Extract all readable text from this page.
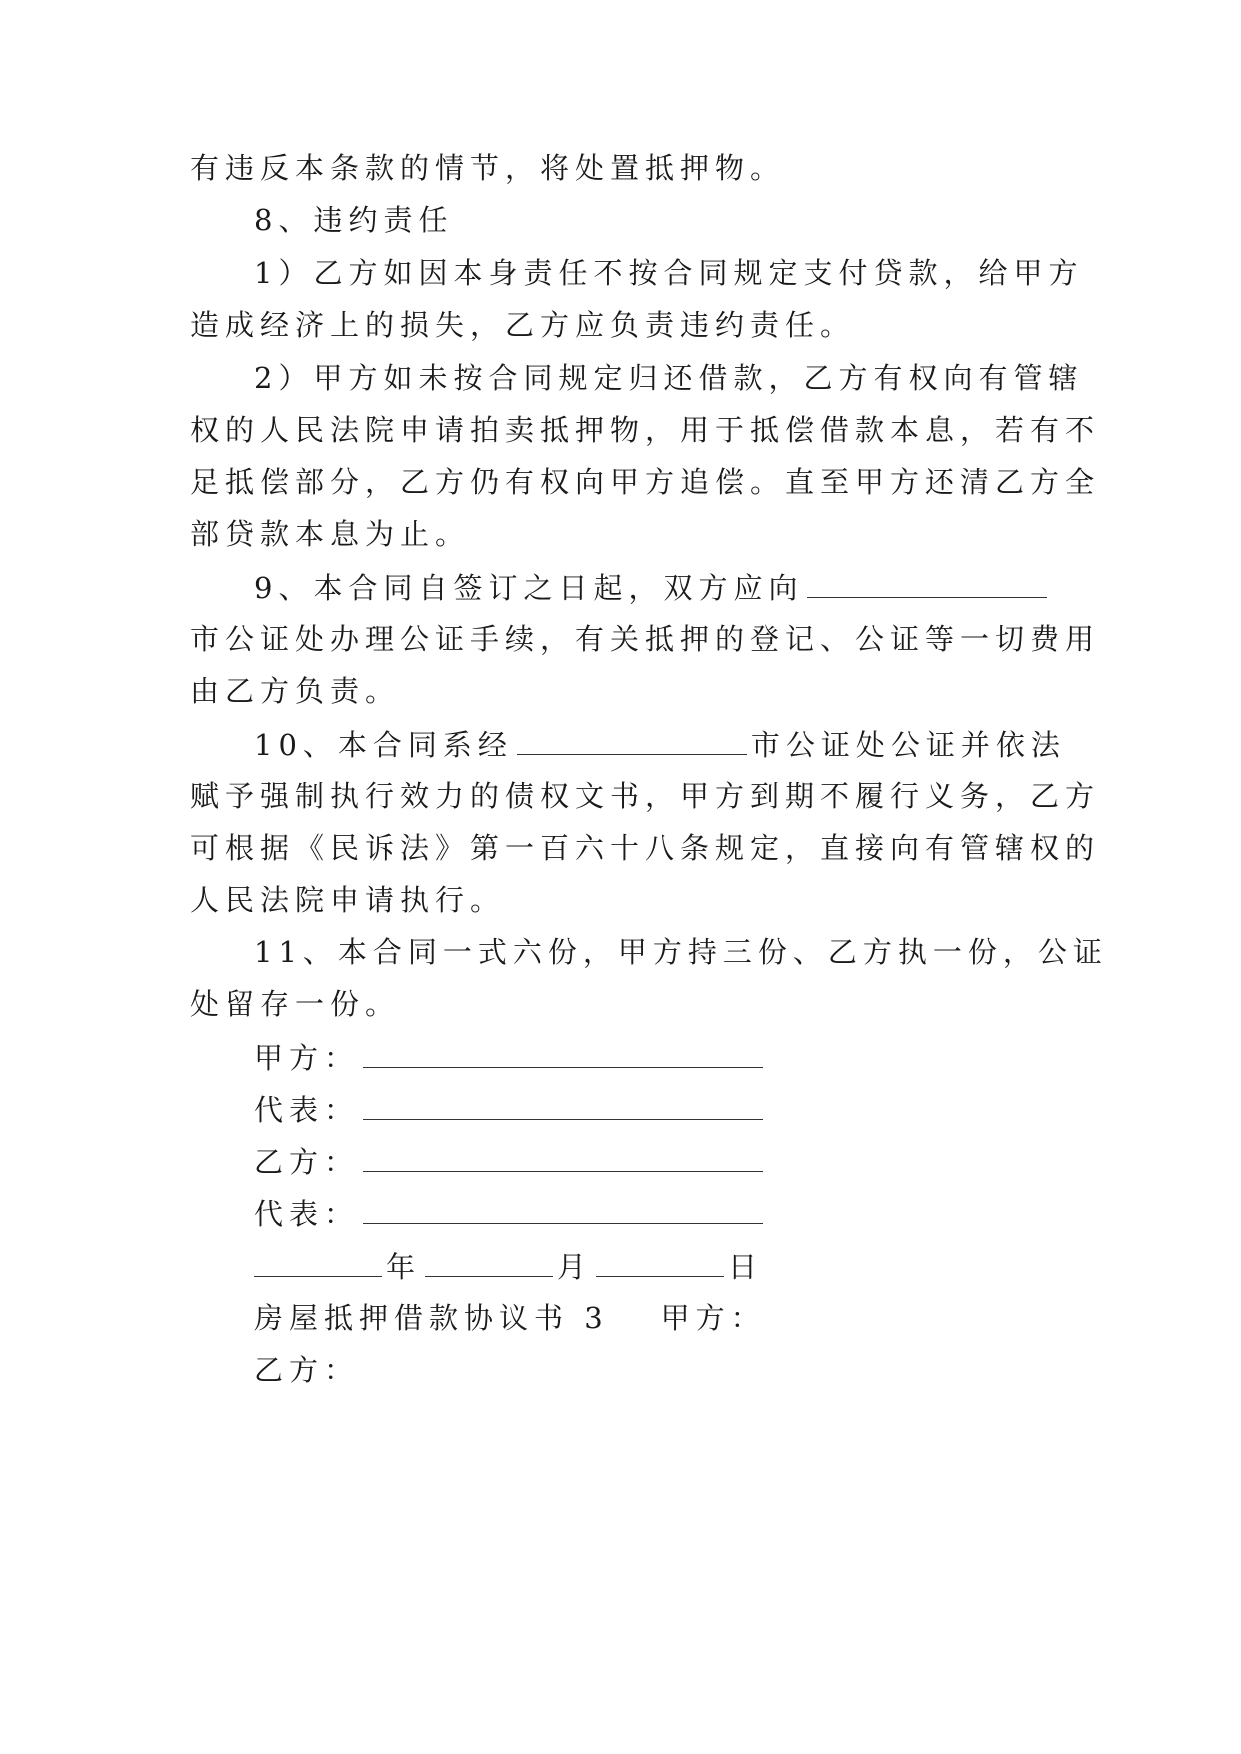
有违反本条款的情节，将处置抵押物。
8、违约责任
1）乙方如因本身责任不按合同规定支付贷款，给甲方
造成经济上的损失，乙方应负责违约责任。
2）甲方如未按合同规定归还借款，乙方有权向有管辖
权的人民法院申请拍卖抵押物，用于抵偿借款本息，若有不
足抵偿部分，乙方仍有权向甲方追偿。直至甲方还清乙方全
部贷款本息为止。
9、本合同自签订之日起，双方应向
市公证处办理公证手续，有关抵押的登记、公证等一切费用
由乙方负责。
10、本合同系经	市公证处公证并依法
赋予强制执行效力的债权文书，甲方到期不履行义务，乙方
可根据《民诉法》第一百六十八条规定，直接向有管辖权的
人民法院申请执行。
11、本合同一式六份，甲方持三份、乙方执一份，公证
处留存一份。
甲方：
代表：
乙方：
代表：
年	月	日
房屋抵押借款协议书 3 甲方：
乙方：
